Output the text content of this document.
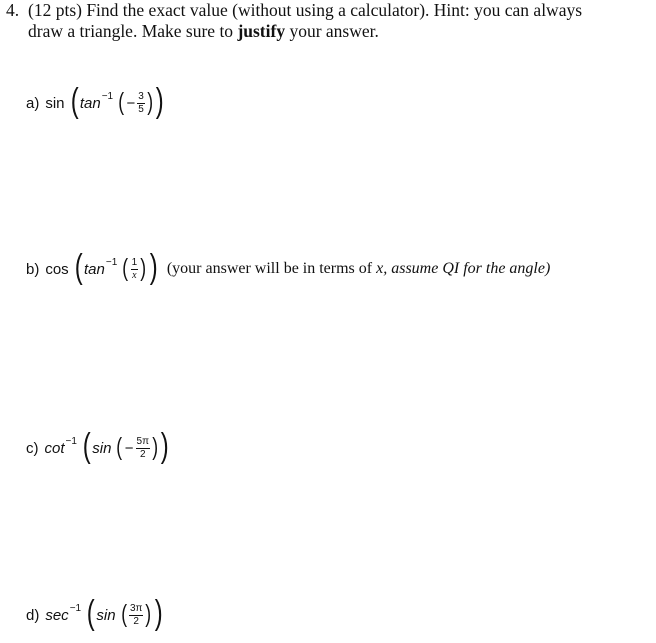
4. (12 pts) Find the exact value (without using a calculator). Hint: you can always
draw a triangle. Make sure to justify your answer.
a) sin ( tan −1 ( − $\frac{3}{5}$ ) )
b) cos ( tan −1 ( $\frac{1}{x}$ ) ) (your answer will be in terms of x, assume QI for the angle)
c) cot −1 ( sin ( − $\frac{5\pi}{2}$ ) )
d) sec −1 ( sin ( $\frac{3\pi}{2}$ ) )
